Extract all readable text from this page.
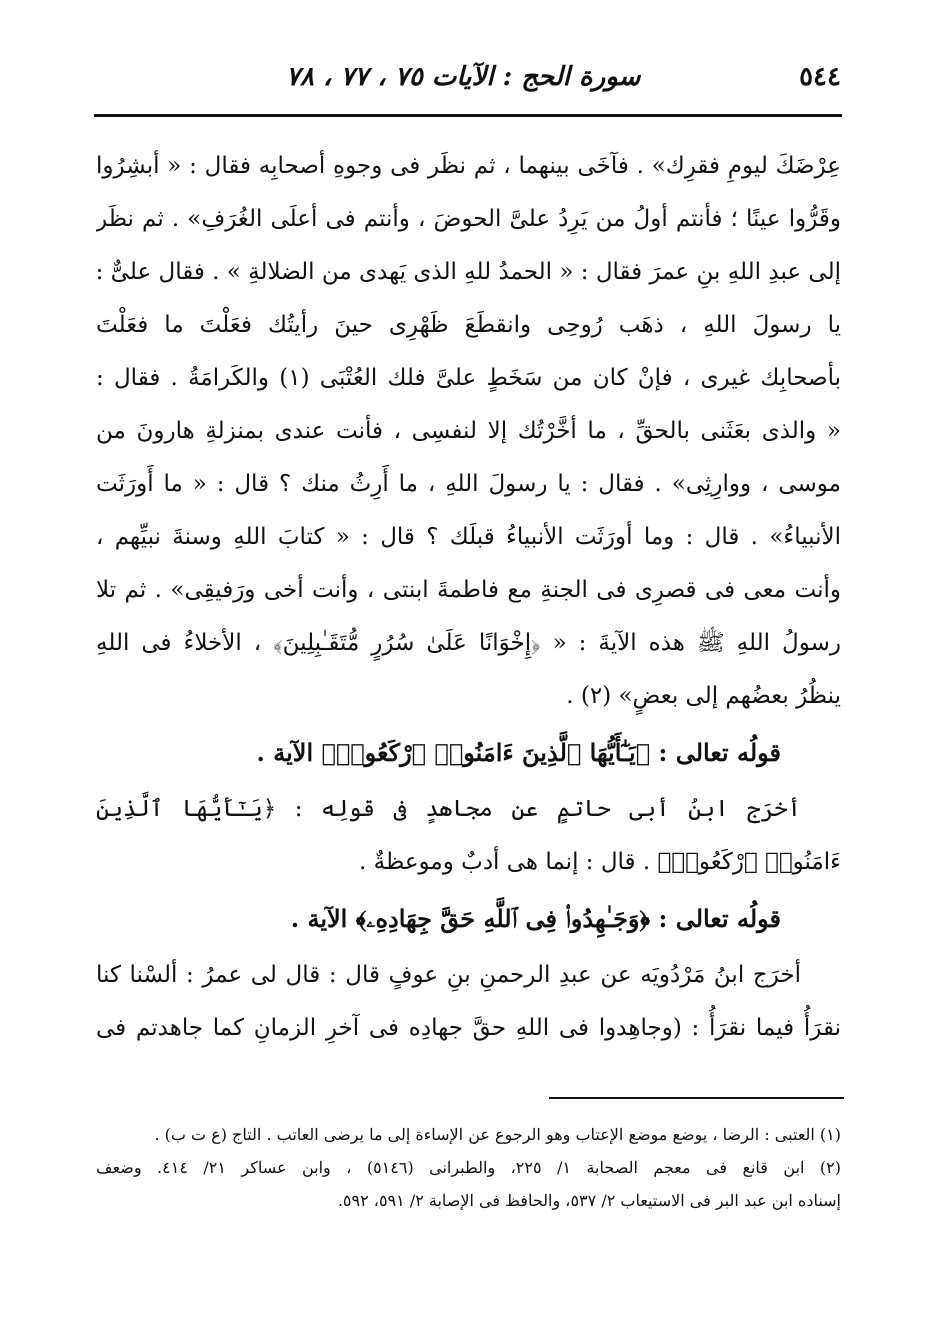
٥٤٤
سورة الحج : الآيات ٧٥ ، ٧٧ ، ٧٨
عِرْضَكَ ليومِ فقرِك» . فآخَى بينهما ، ثم نظَر فى وجوهِ أصحابِه فقال : « أبشِرُوا
وقَرُّوا عينًا ؛ فأنتم أولُ من يَرِدُ علىَّ الحوضَ ، وأنتم فى أعلَى الغُرَفِ» . ثم نظَر
إلى عبدِ اللهِ بنِ عمرَ فقال : « الحمدُ للهِ الذى يَهدى من الضلالةِ » . فقال علىٌّ :
يا رسولَ اللهِ ، ذهَب رُوحِى وانقطَعَ ظَهْرِى حينَ رأيتُك فعَلْتَ ما فعَلْتَ
بأصحابِك غيرى ، فإنْ كان من سَخَطٍ علىَّ فلك العُتْبَى (١) والكَرامَةُ . فقال :
« والذى بعَثَنى بالحقِّ ، ما أخَّرْتُك إلا لنفسِى ، فأنت عندى بمنزلةِ هارونَ من
موسى ، ووارِثِى» . فقال : يا رسولَ اللهِ ، ما أَرِثُ منك ؟ قال : « ما أَورَثَت
الأنبياءُ» . قال : وما أورَثَت الأنبياءُ قبلَك ؟ قال : « كتابَ اللهِ وسنةَ نبيِّهم ،
وأنت معى فى قصرِى فى الجنةِ مع فاطمةَ ابنتى ، وأنت أخى ورَفيقِى» . ثم تلا
رسولُ اللهِ ﷺ هذه الآيةَ : « ﴿إِخْوَانًا عَلَىٰ سُرُرٍ مُّتَقَـٰبِلِينَ﴾ ، الأخلاءُ فى اللهِ
ينظُرُ بعضُهم إلى بعضٍ» (٢) .
قولُه تعالى : ﴿يَـٰٓأَيُّهَا ٱلَّذِينَ ءَامَنُوا۟ ٱرْكَعُوا۟﴾ الآية .
أخرَج ابنُ أبى حاتمٍ عن مجاهدٍ فى قولِه : ﴿يَـٰٓأَيُّهَا ٱلَّذِينَ
ءَامَنُوا۟ ٱرْكَعُوا۟﴾ . قال : إنما هى أدبٌ وموعظةٌ .
قولُه تعالى : ﴿وَجَـٰهِدُوا۟ فِى ٱللَّهِ حَقَّ جِهَادِهِۦ﴾ الآية .
أخرَج ابنُ مَرْدُويَه عن عبدِ الرحمنِ بنِ عوفٍ قال : قال لى عمرُ : ألسْنا كنا
نقرَأُ فيما نقرَأُ : (وجاهِدوا فى اللهِ حقَّ جهادِه فى آخرِ الزمانِ كما جاهدتم فى
(١) العتبى : الرضا ، يوضع موضع الإعتاب وهو الرجوع عن الإساءة إلى ما يرضى العاتب . التاج (ع ت ب) .
(٢) ابن قانع فى معجم الصحابة ١/ ٢٢٥، والطبرانى (٥١٤٦) ، وابن عساكر ٢١/ ٤١٤. وضعف
إسناده ابن عبد البر فى الاستيعاب ٢/ ٥٣٧، والحافظ فى الإصابة ٢/ ٥٩١، ٥٩٢.
